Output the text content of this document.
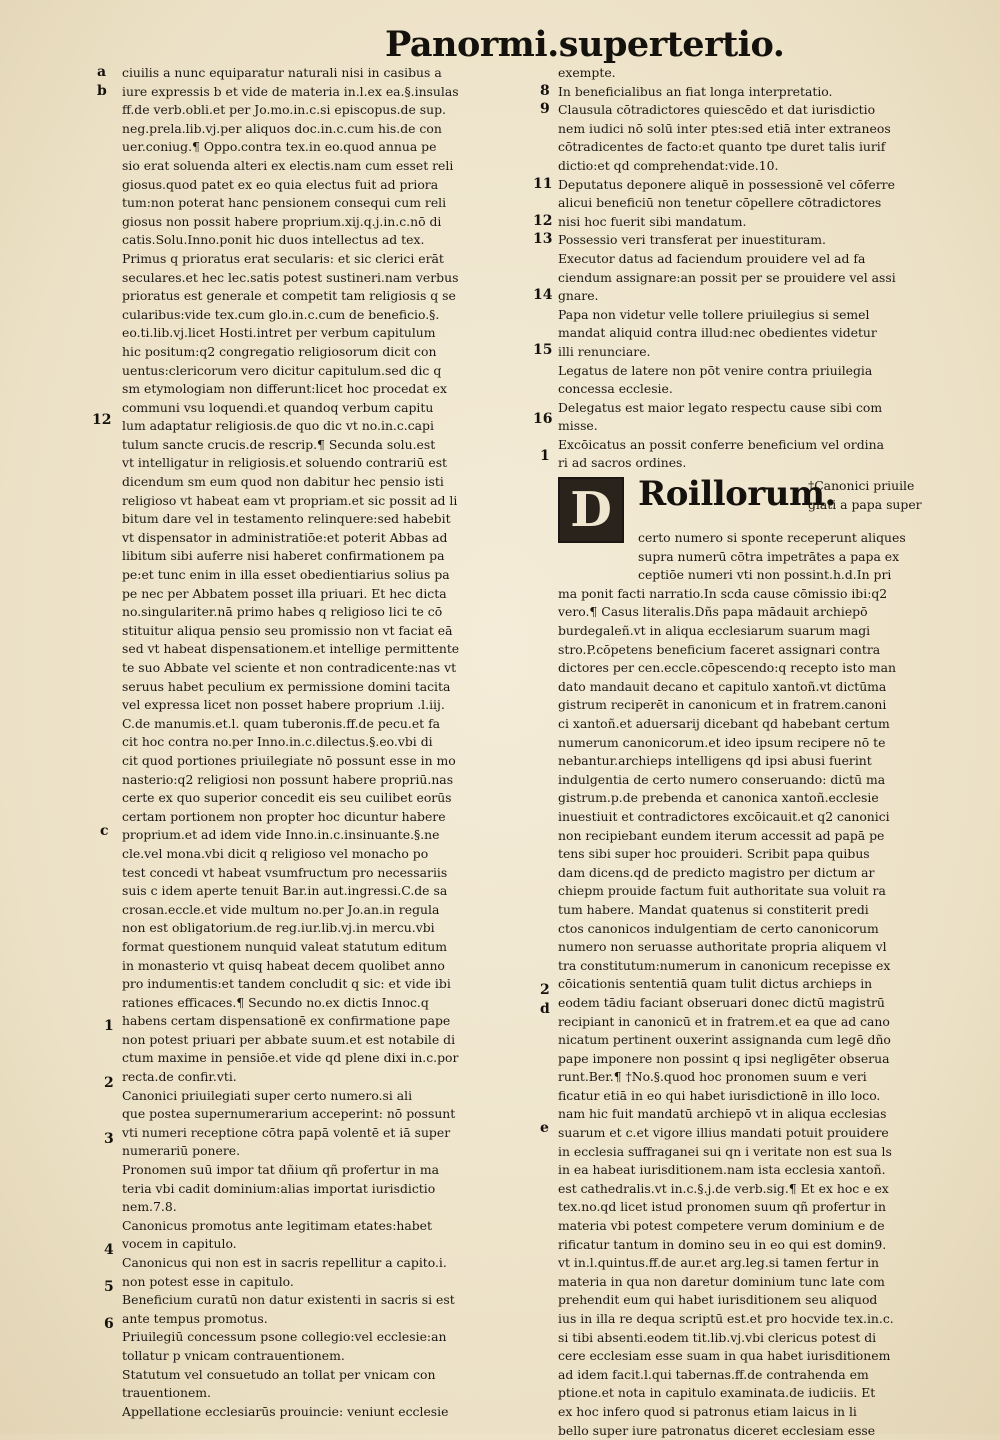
Panormi.supertertio.
a
b
12
c
1
2
3
4
5
6
8
9
11
12
13
14
15
16
1
2
d
e
ciuilis a nunc equiparatur naturali nisi in casibus a
iure expressis b et vide de materia in.l.ex ea.§.insulas
ff.de verb.obli.et per Jo.mo.in.c.si episcopus.de sup.
neg.prela.lib.vj.per aliquos doc.in.c.cum his.de con
uer.coniug.¶ Oppo.contra tex.in eo.quod annua pe
sio erat soluenda alteri ex electis.nam cum esset reli
giosus.quod patet ex eo quia electus fuit ad priora
tum:non poterat hanc pensionem consequi cum reli
giosus non possit habere proprium.xij.q.j.in.c.nō di
catis.Solu.Inno.ponit hic duos intellectus ad tex.
Primus q prioratus erat secularis: et sic clerici erāt
seculares.et hec lec.satis potest sustineri.nam verbus
prioratus est generale et competit tam religiosis q se
cularibus:vide tex.cum glo.in.c.cum de beneficio.§.
eo.ti.lib.vj.licet Hosti.intret per verbum capitulum
hic positum:q2 congregatio religiosorum dicit con
uentus:clericorum vero dicitur capitulum.sed dic q
sm etymologiam non differunt:licet hoc procedat ex
communi vsu loquendi.et quandoq verbum capitu
lum adaptatur religiosis.de quo dic vt no.in.c.capi
tulum sancte crucis.de rescrip.¶ Secunda solu.est
vt intelligatur in religiosis.et soluendo contrariū est
dicendum sm eum quod non dabitur hec pensio isti
religioso vt habeat eam vt propriam.et sic possit ad li
bitum dare vel in testamento relinquere:sed habebit
vt dispensator in administratiōe:et poterit Abbas ad
libitum sibi auferre nisi haberet confirmationem pa
pe:et tunc enim in illa esset obedientiarius solius pa
pe nec per Abbatem posset illa priuari. Et hec dicta
no.singulariter.nā primo habes q religioso lici te cō
stituitur aliqua pensio seu promissio non vt faciat eā
sed vt habeat dispensationem.et intellige permittente
te suo Abbate vel sciente et non contradicente:nas vt
seruus habet peculium ex permissione domini tacita
vel expressa licet non posset habere proprium .l.iij.
C.de manumis.et.l. quam tuberonis.ff.de pecu.et fa
cit hoc contra no.per Inno.in.c.dilectus.§.eo.vbi di
cit quod portiones priuilegiate nō possunt esse in mo
nasterio:q2 religiosi non possunt habere propriū.nas
certe ex quo superior concedit eis seu cuilibet eorūs
certam portionem non propter hoc dicuntur habere
proprium.et ad idem vide Inno.in.c.insinuante.§.ne
cle.vel mona.vbi dicit q religioso vel monacho po
test concedi vt habeat vsumfructum pro necessariis
suis c idem aperte tenuit Bar.in aut.ingressi.C.de sa
crosan.eccle.et vide multum no.per Jo.an.in regula
non est obligatorium.de reg.iur.lib.vj.in mercu.vbi
format questionem nunquid valeat statutum editum
in monasterio vt quisq habeat decem quolibet anno
pro indumentis:et tandem concludit q sic: et vide ibi
rationes efficaces.¶ Secundo no.ex dictis Innoc.q
habens certam dispensationē ex confirmatione pape
non potest priuari per abbate suum.et est notabile di
ctum maxime in pensiōe.et vide qd plene dixi in.c.por
recta.de confir.vti.
Canonici priuilegiati super certo numero.si ali
que postea supernumerarium acceperint: nō possunt
vti numeri receptione cōtra papā volentē et iā super
numerariū ponere.
Pronomen suū impor tat dñium qñ profertur in ma
teria vbi cadit dominium:alias importat iurisdictio
nem.7.8.
Canonicus promotus ante legitimam etates:habet
vocem in capitulo.
Canonicus qui non est in sacris repellitur a capito.i.
non potest esse in capitulo.
Beneficium curatū non datur existenti in sacris si est
ante tempus promotus.
Priuilegiū concessum psone collegio:vel ecclesie:an
tollatur p vnicam contrauentionem.
Statutum vel consuetudo an tollat per vnicam con
trauentionem.
Appellatione ecclesiarūs prouincie: veniunt ecclesie
exempte.
In beneficialibus an fiat longa interpretatio.
Clausula cōtradictores quiescēdo et dat iurisdictio
nem iudici nō solū inter ptes:sed etiā inter extraneos
cōtradicentes de facto:et quanto tpe duret talis iurif
dictio:et qd comprehendat:vide.10.
Deputatus deponere aliquē in possessionē vel cōferre
alicui beneficiū non tenetur cōpellere cōtradictores
nisi hoc fuerit sibi mandatum.
Possessio veri transferat per inuestituram.
Executor datus ad faciendum prouidere vel ad fa
ciendum assignare:an possit per se prouidere vel assi
gnare.
Papa non videtur velle tollere priuilegius si semel
mandat aliquid contra illud:nec obedientes videtur
illi renunciare.
Legatus de latere non pōt venire contra priuilegia
concessa ecclesie.
Delegatus est maior legato respectu cause sibi com
misse.
Excōicatus an possit conferre beneficium vel ordina
ri ad sacros ordines.
D Roillorum.
†Canonici priuile
giati a papa super
certo numero si sponte receperunt aliques
supra numerū cōtra impetrātes a papa ex
ceptiōe numeri vti non possint.h.d.In pri
ma ponit facti narratio.In scda cause cōmissio ibi:q2
vero.¶ Casus literalis.Dñs papa mādauit archiepō
burdegaleñ.vt in aliqua ecclesiarum suarum magi
stro.P.cōpetens beneficium faceret assignari contra
dictores per cen.eccle.cōpescendo:q recepto isto man
dato mandauit decano et capitulo xantoñ.vt dictūma
gistrum reciperēt in canonicum et in fratrem.canoni
ci xantoñ.et aduersarij dicebant qd habebant certum
numerum canonicorum.et ideo ipsum recipere nō te
nebantur.archieps intelligens qd ipsi abusi fuerint
indulgentia de certo numero conseruando: dictū ma
gistrum.p.de prebenda et canonica xantoñ.ecclesie
inuestiuit et contradictores excōicauit.et q2 canonici
non recipiebant eundem iterum accessit ad papā pe
tens sibi super hoc prouideri. Scribit papa quibus
dam dicens.qd de predicto magistro per dictum ar
chiepm prouide factum fuit authoritate sua voluit ra
tum habere. Mandat quatenus si constiterit predi
ctos canonicos indulgentiam de certo canonicorum
numero non seruasse authoritate propria aliquem vl
tra constitutum:numerum in canonicum recepisse ex
cōicationis sententiā quam tulit dictus archieps in
eodem tādiu faciant obseruari donec dictū magistrū
recipiant in canonicū et in fratrem.et ea que ad cano
nicatum pertinent ouxerint assignanda cum legē dño
pape imponere non possint q ipsi negligēter obserua
runt.Ber.¶ †No.§.quod hoc pronomen suum e veri
ficatur etiā in eo qui habet iurisdictionē in illo loco.
nam hic fuit mandatū archiepō vt in aliqua ecclesias
suarum et c.et vigore illius mandati potuit prouidere
in ecclesia suffraganei sui qn i veritate non est sua ls
in ea habeat iurisditionem.nam ista ecclesia xantoñ.
est cathedralis.vt in.c.§.j.de verb.sig.¶ Et ex hoc e ex
tex.no.qd licet istud pronomen suum qñ profertur in
materia vbi potest competere verum dominium e de
rificatur tantum in domino seu in eo qui est domin9.
vt in.l.quintus.ff.de aur.et arg.leg.si tamen fertur in
materia in qua non daretur dominium tunc late com
prehendit eum qui habet iurisditionem seu aliquod
ius in illa re dequa scriptū est.et pro hocvide tex.in.c.
si tibi absenti.eodem tit.lib.vj.vbi clericus potest di
cere ecclesiam esse suam in qua habet iurisditionem
ad idem facit.l.qui tabernas.ff.de contrahenda em
ptione.et nota in capitulo examinata.de iudiciis. Et
ex hoc infero quod si patronus etiam laicus in li
bello super iure patronatus diceret ecclesiam esse
